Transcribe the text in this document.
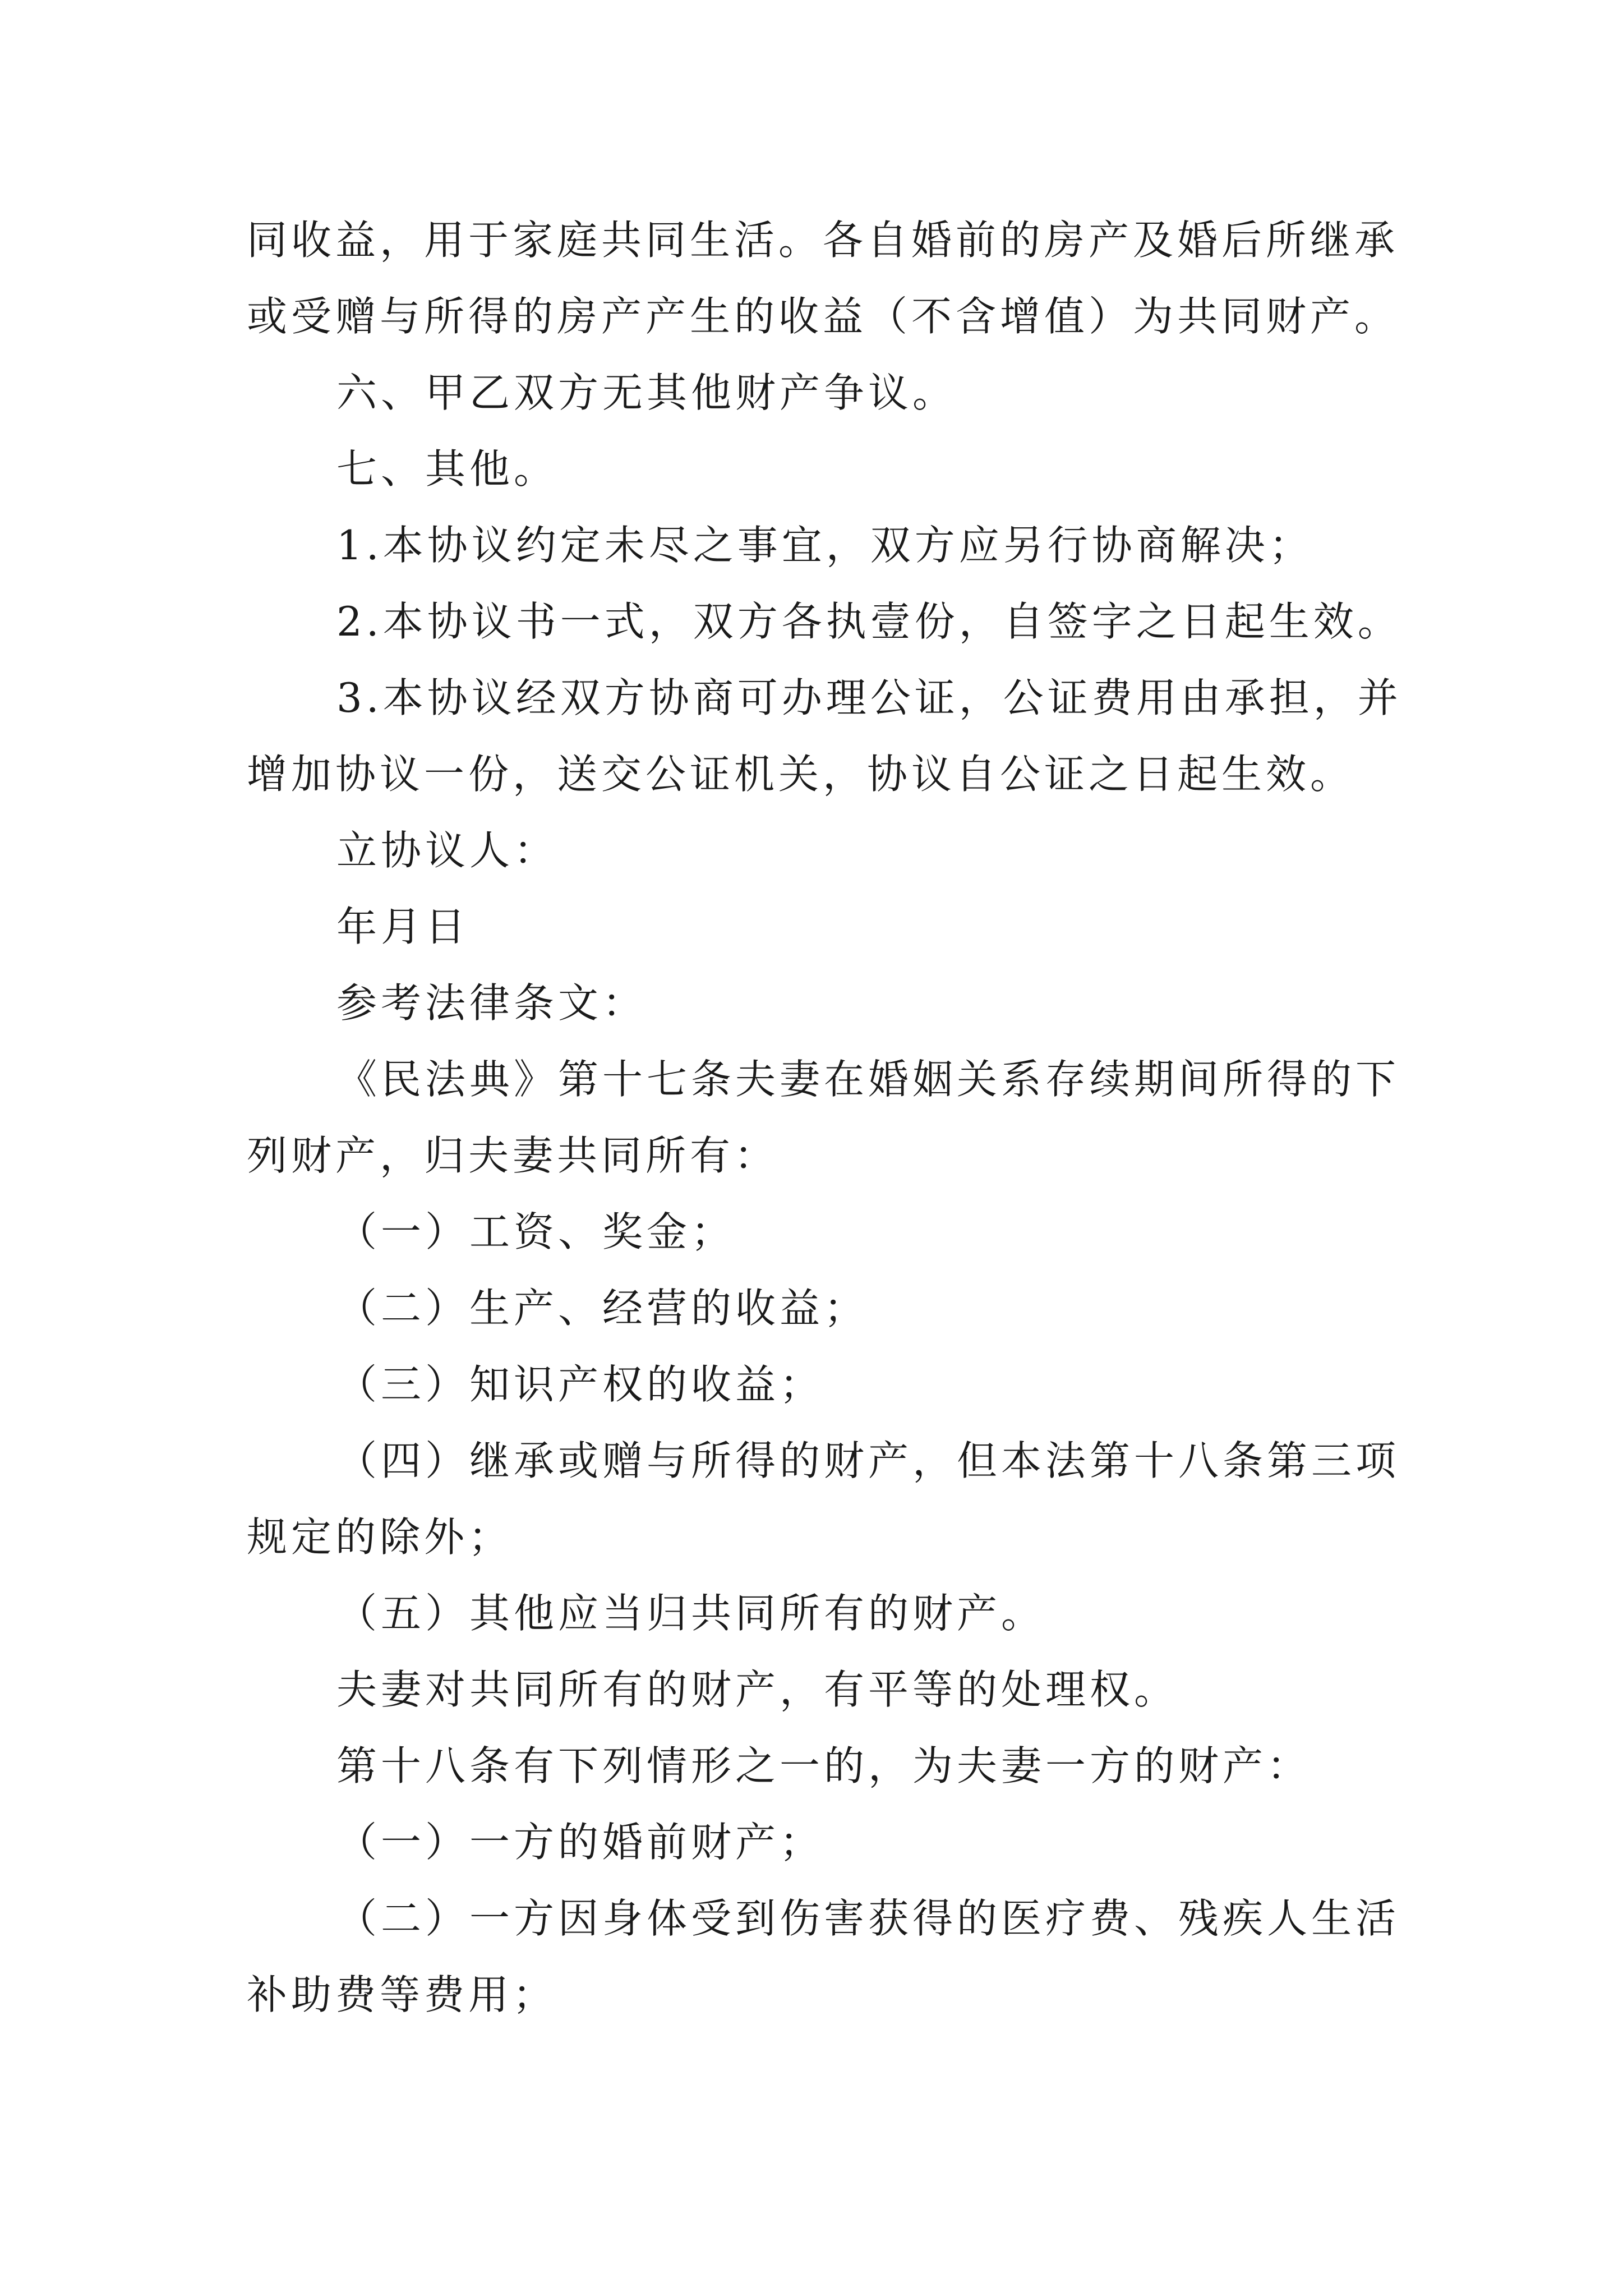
同收益，用于家庭共同生活。各自婚前的房产及婚后所继承
或受赠与所得的房产产生的收益（不含增值）为共同财产。
六、甲乙双方无其他财产争议。
七、其他。
1.本协议约定未尽之事宜，双方应另行协商解决；
2.本协议书一式，双方各执壹份，自签字之日起生效。
3.本协议经双方协商可办理公证，公证费用由承担，并
增加协议一份，送交公证机关，协议自公证之日起生效。
立协议人：
年月日
参考法律条文：
《民法典》第十七条夫妻在婚姻关系存续期间所得的下
列财产，归夫妻共同所有：
（一）工资、奖金；
（二）生产、经营的收益；
（三）知识产权的收益；
（四）继承或赠与所得的财产，但本法第十八条第三项
规定的除外；
（五）其他应当归共同所有的财产。
夫妻对共同所有的财产，有平等的处理权。
第十八条有下列情形之一的，为夫妻一方的财产：
（一）一方的婚前财产；
（二）一方因身体受到伤害获得的医疗费、残疾人生活
补助费等费用；
